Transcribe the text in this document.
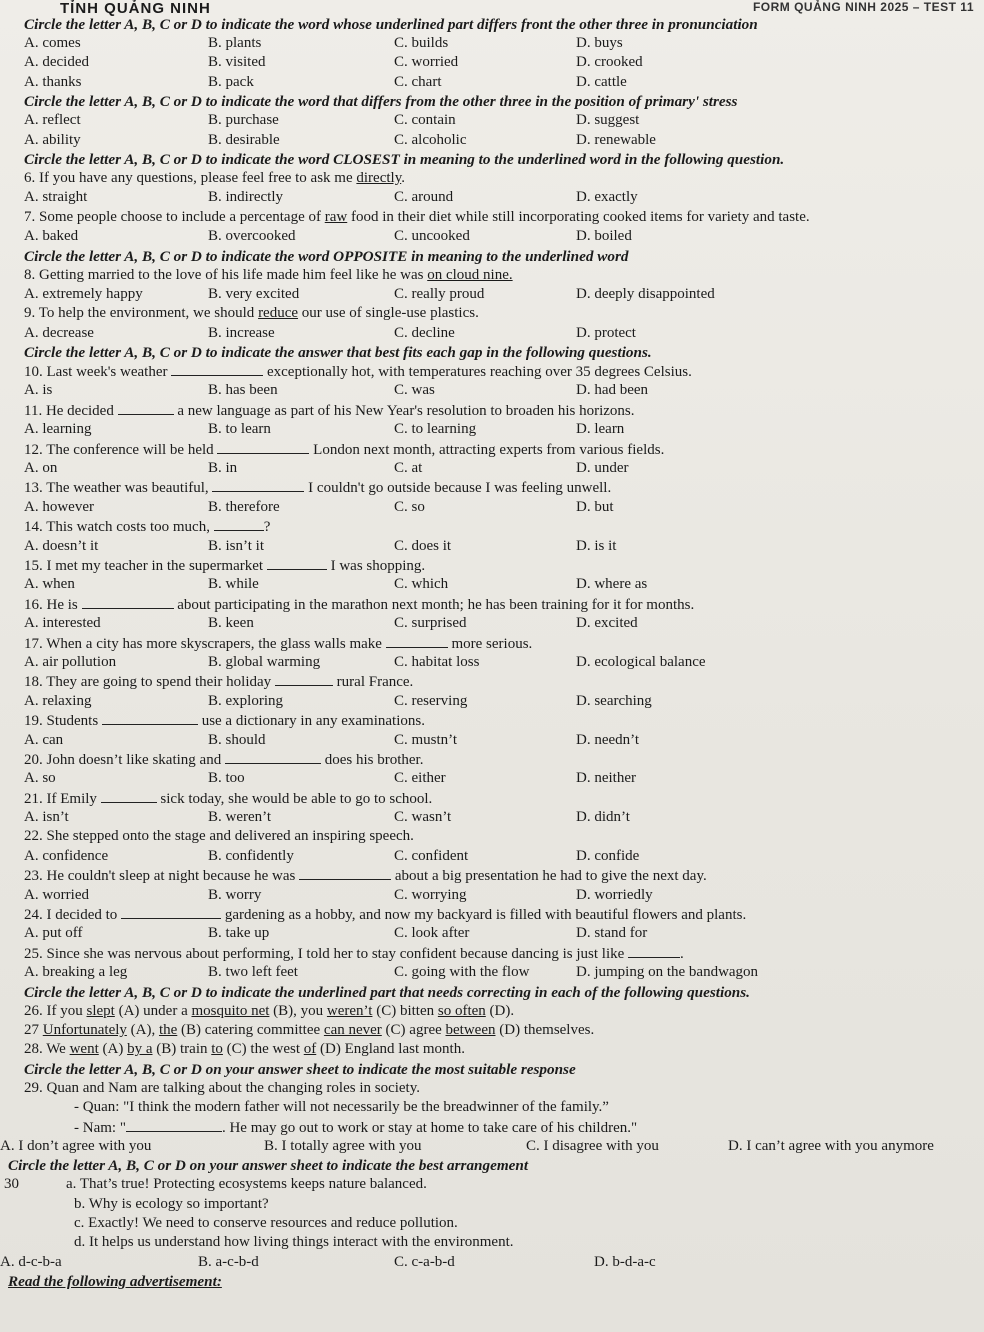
TỈNH QUẢNG NINH	FORM QUẢNG NINH 2025 – TEST 11
Circle the letter A, B, C or D to indicate the word whose underlined part differs front the other three in pronunciation
A. comes	B. plants	C. builds	D. buys
A. decided	B. visited	C. worried	D. crooked
A. thanks	B. pack	C. chart	D. cattle
Circle the letter A, B, C or D to indicate the word that differs from the other three in the position of primary' stress
A. reflect	B. purchase	C. contain	D. suggest
A. ability	B. desirable	C. alcoholic	D. renewable
Circle the letter A, B, C or D to indicate the word CLOSEST in meaning to the underlined word in the following question.
6. If you have any questions, please feel free to ask me directly.
A. straight	B. indirectly	C. around	D. exactly
7. Some people choose to include a percentage of raw food in their diet while still incorporating cooked items for variety and taste.
A. baked	B. overcooked	C. uncooked	D. boiled
Circle the letter A, B, C or D to indicate the word OPPOSITE in meaning to the underlined word
8. Getting married to the love of his life made him feel like he was on cloud nine.
A. extremely happy	B. very excited	C. really proud	D. deeply disappointed
9. To help the environment, we should reduce our use of single-use plastics.
A. decrease	B. increase	C. decline	D. protect
Circle the letter A, B, C or D to indicate the answer that best fits each gap in the following questions.
10. Last week's weather	exceptionally hot, with temperatures reaching over 35 degrees Celsius.
A. is	B. has been	C. was	D. had been
11. He decided	a new language as part of his New Year's resolution to broaden his horizons.
A. learning	B. to learn	C. to learning	D. learn
12. The conference will be held	London next month, attracting experts from various fields.
A. on	B. in	C. at	D. under
13. The weather was beautiful,	I couldn't go outside because I was feeling unwell.
A. however	B. therefore	C. so	D. but
14. This watch costs too much,	?
A. doesn’t it	B. isn’t it	C. does it	D. is it
15. I met my teacher in the supermarket	I was shopping.
A. when	B. while	C. which	D. where as
16. He is	about participating in the marathon next month; he has been training for it for months.
A. interested	B. keen	C. surprised	D. excited
17. When a city has more skyscrapers, the glass walls make	more serious.
A. air pollution	B. global warming	C. habitat loss	D. ecological balance
18. They are going to spend their holiday	rural France.
A. relaxing	B. exploring	C. reserving	D. searching
19. Students	use a dictionary in any examinations.
A. can	B. should	C. mustn’t	D. needn’t
20. John doesn’t like skating and	does his brother.
A. so	B. too	C. either	D. neither
21. If Emily	sick today, she would be able to go to school.
A. isn’t	B. weren’t	C. wasn’t	D. didn’t
22. She stepped onto the stage and delivered an inspiring speech.
A. confidence	B. confidently	C. confident	D. confide
23. He couldn't sleep at night because he was	about a big presentation he had to give the next day.
A. worried	B. worry	C. worrying	D. worriedly
24. I decided to	gardening as a hobby, and now my backyard is filled with beautiful flowers and plants.
A. put off	B. take up	C. look after	D. stand for
25. Since she was nervous about performing, I told her to stay confident because dancing is just like	.
A. breaking a leg	B. two left feet	C. going with the flow	D. jumping on the bandwagon
Circle the letter A, B, C or D to indicate the underlined part that needs correcting in each of the following questions.
26. If you slept (A) under a mosquito net (B), you weren’t (C) bitten so often (D).
27 Unfortunately (A), the (B) catering committee can never (C) agree between (D) themselves.
28. We went (A) by a (B) train to (C) the west of (D) England last month.
Circle the letter A, B, C or D on your answer sheet to indicate the most suitable response
29. Quan and Nam are talking about the changing roles in society.
- Quan: "I think the modern father will not necessarily be the breadwinner of the family.”
- Nam: "	. He may go out to work or stay at home to take care of his children."
A. I don’t agree with you	B. I totally agree with you	C. I disagree with you	D. I can’t agree with you anymore
Circle the letter A, B, C or D on your answer sheet to indicate the best arrangement
30	a. That’s true! Protecting ecosystems keeps nature balanced.
b. Why is ecology so important?
c. Exactly! We need to conserve resources and reduce pollution.
d. It helps us understand how living things interact with the environment.
A. d-c-b-a	B. a-c-b-d	C. c-a-b-d	D. b-d-a-c
Read the following advertisement:
